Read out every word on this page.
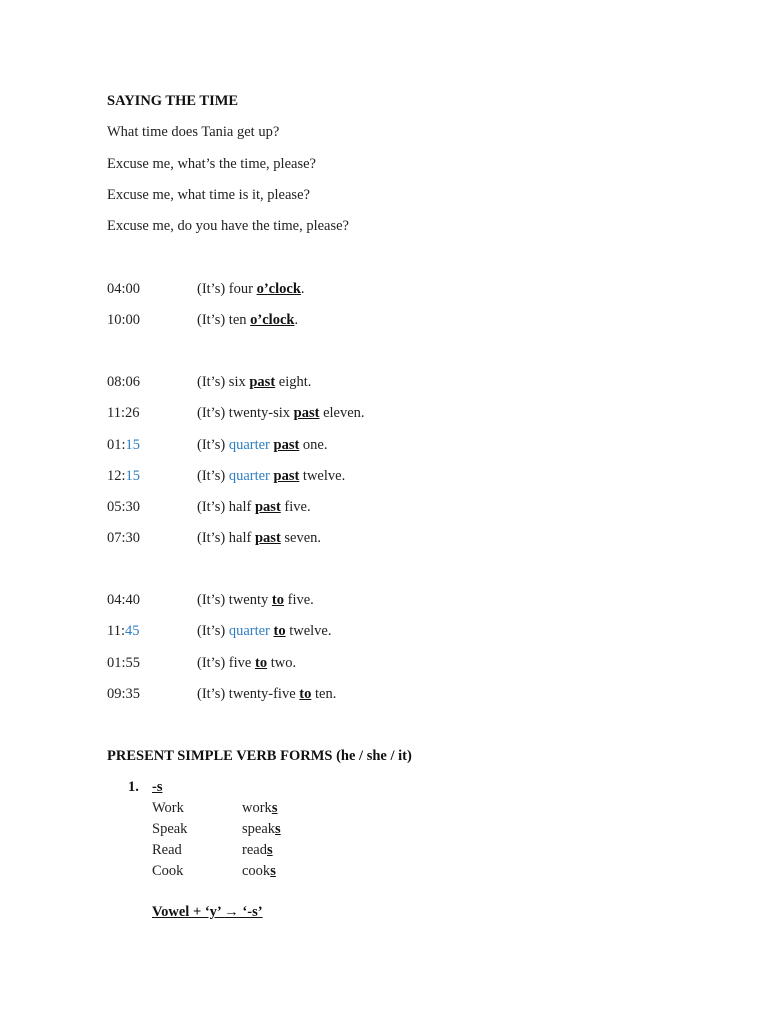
SAYING THE TIME
What time does Tania get up?
Excuse me, what’s the time, please?
Excuse me, what time is it, please?
Excuse me, do you have the time, please?
04:00	(It’s) four o’clock.
10:00	(It’s) ten o’clock.
08:06	(It’s) six past eight.
11:26	(It’s) twenty-six past eleven.
01:15	(It’s) quarter past one.
12:15	(It’s) quarter past twelve.
05:30	(It’s) half past five.
07:30	(It’s) half past seven.
04:40	(It’s) twenty to five.
11:45	(It’s) quarter to twelve.
01:55	(It’s) five to two.
09:35	(It’s) twenty-five to ten.
PRESENT SIMPLE VERB FORMS (he / she / it)
1. -s
Work	works
Speak	speaks
Read	reads
Cook	cooks
Vowel + ‘y’ → ‘-s’
